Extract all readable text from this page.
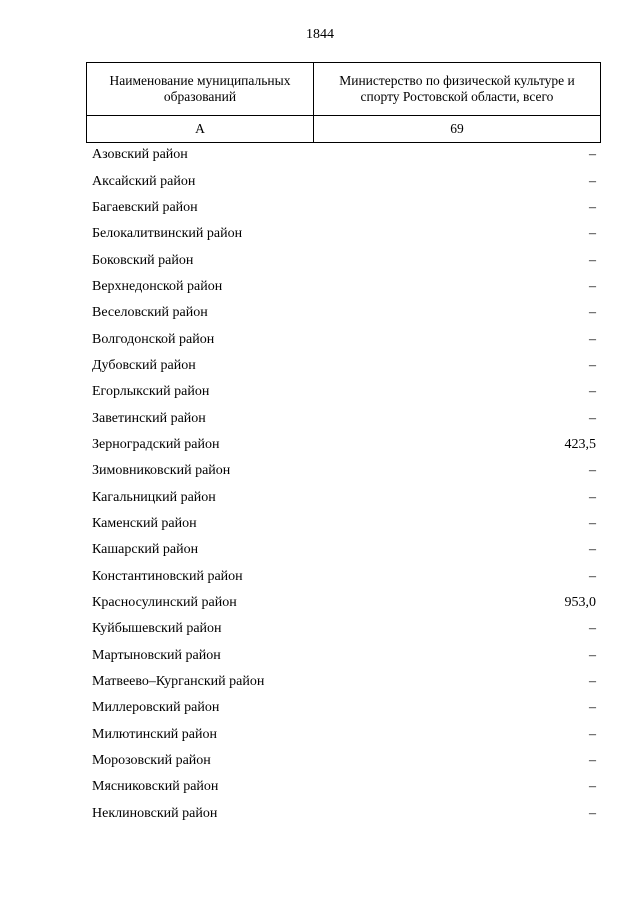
1844
Наименование муниципальных образований	Министерство по физической культуре и спорту Ростовской области, всего
А	69
Азовский район	–
Аксайский район	–
Багаевский район	–
Белокалитвинский район	–
Боковский район	–
Верхнедонской район	–
Веселовский район	–
Волгодонской район	–
Дубовский район	–
Егорлыкский район	–
Заветинский район	–
Зерноградский район	423,5
Зимовниковский район	–
Кагальницкий район	–
Каменский район	–
Кашарский район	–
Константиновский район	–
Красносулинский район	953,0
Куйбышевский район	–
Мартыновский район	–
Матвеево–Курганский район	–
Миллеровский район	–
Милютинский район	–
Морозовский район	–
Мясниковский район	–
Неклиновский район	–
